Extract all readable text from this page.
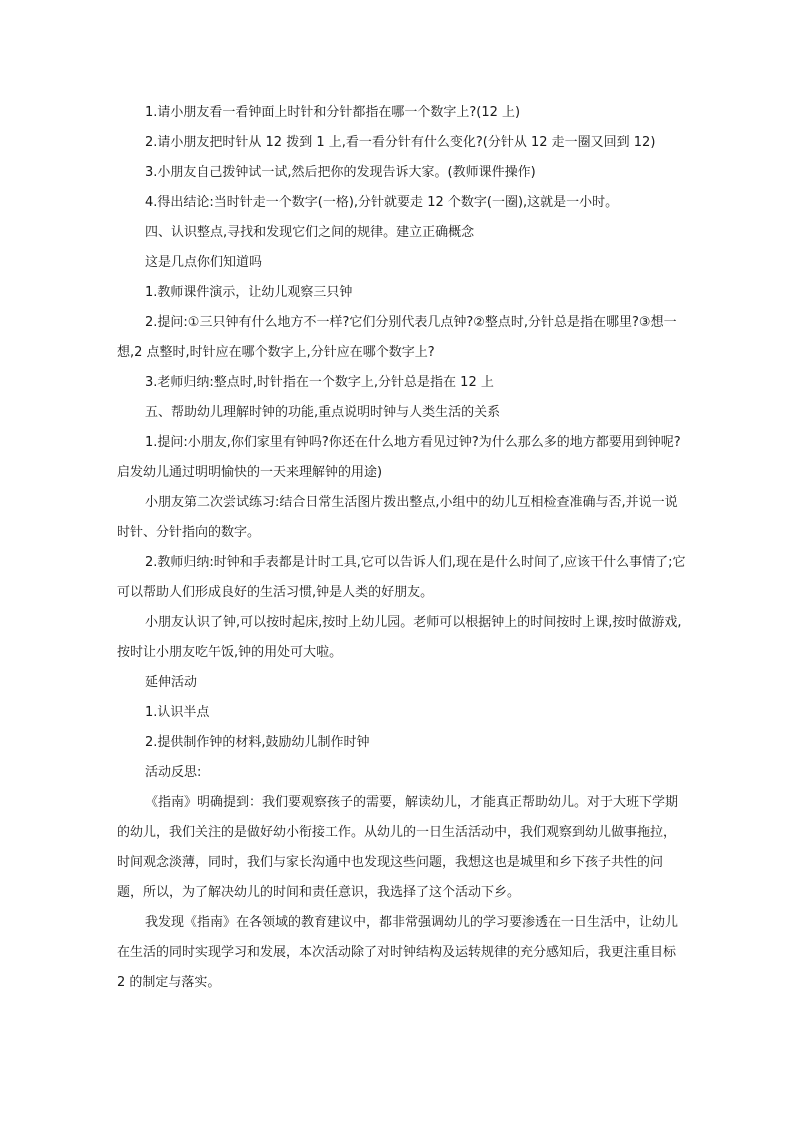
1.请小朋友看一看钟面上时针和分针都指在哪一个数字上?(12 上)

2.请小朋友把时针从 12 拨到 1 上,看一看分针有什么变化?(分针从 12 走一圈又回到 12)

3.小朋友自己拨钟试一试,然后把你的发现告诉大家。(教师课件操作)

4.得出结论:当时针走一个数字(一格),分针就要走 12 个数字(一圈),这就是一小时。

四、认识整点,寻找和发现它们之间的规律。建立正确概念

这是几点你们知道吗

1.教师课件演示，让幼儿观察三只钟

2.提问:①三只钟有什么地方不一样?它们分别代表几点钟?②整点时,分针总是指在哪里?③想一想,2 点整时,时针应在哪个数字上,分针应在哪个数字上?

3.老师归纳:整点时,时针指在一个数字上,分针总是指在 12 上

五、帮助幼儿理解时钟的功能,重点说明时钟与人类生活的关系

1.提问:小朋友,你们家里有钟吗?你还在什么地方看见过钟?为什么那么多的地方都要用到钟呢?启发幼儿通过明明愉快的一天来理解钟的用途)

小朋友第二次尝试练习:结合日常生活图片拨出整点,小组中的幼儿互相检查准确与否,并说一说时针、分针指向的数字。

2.教师归纳:时钟和手表都是计时工具,它可以告诉人们,现在是什么时间了,应该干什么事情了;它可以帮助人们形成良好的生活习惯,钟是人类的好朋友。

小朋友认识了钟,可以按时起床,按时上幼儿园。老师可以根据钟上的时间按时上课,按时做游戏,按时让小朋友吃午饭,钟的用处可大啦。

延伸活动

1.认识半点

2.提供制作钟的材料,鼓励幼儿制作时钟

活动反思:

《指南》明确提到：我们要观察孩子的需要，解读幼儿，才能真正帮助幼儿。对于大班下学期的幼儿，我们关注的是做好幼小衔接工作。从幼儿的一日生活活动中，我们观察到幼儿做事拖拉，时间观念淡薄，同时，我们与家长沟通中也发现这些问题，我想这也是城里和乡下孩子共性的问题，所以，为了解决幼儿的时间和责任意识，我选择了这个活动下乡。

我发现《指南》在各领域的教育建议中，都非常强调幼儿的学习要渗透在一日生活中，让幼儿在生活的同时实现学习和发展，本次活动除了对时钟结构及运转规律的充分感知后，我更注重目标 2 的制定与落实。
